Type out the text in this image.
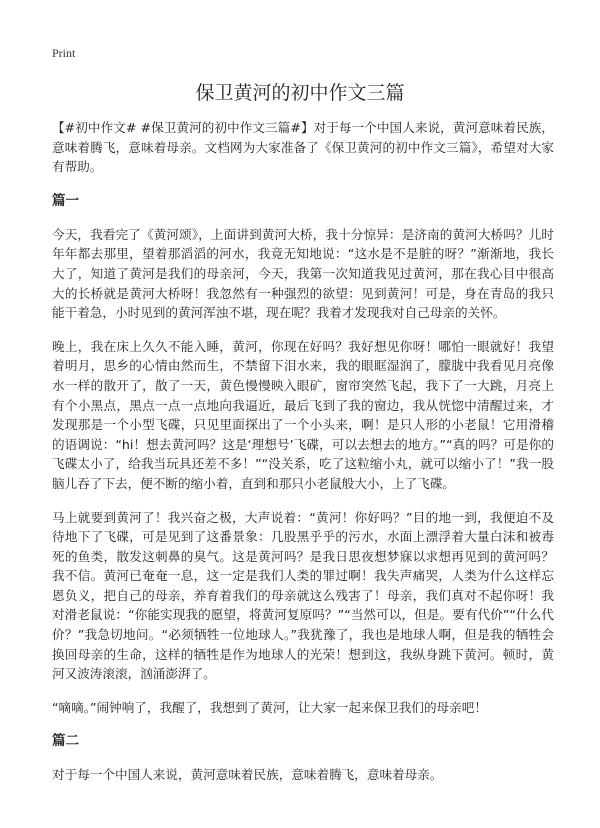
Print
保卫黄河的初中作文三篇

【#初中作文# #保卫黄河的初中作文三篇#】对于每一个中国人来说，黄河意味着民族，意味着腾飞，意味着母亲。文档网为大家准备了《保卫黄河的初中作文三篇》，希望对大家有帮助。

篇一

今天，我看完了《黄河颂》，上面讲到黄河大桥，我十分惊异：是济南的黄河大桥吗？儿时年年都去那里，望着那滔滔的河水，我竟无知地说：“这水是不是脏的呀？”渐渐地，我长大了，知道了黄河是我们的母亲河，今天，我第一次知道我见过黄河，那在我心目中很高大的长桥就是黄河大桥呀！我忽然有一种强烈的欲望：见到黄河！可是，身在青岛的我只能干着急，小时见到的黄河浑浊不堪，现在呢？我着才发现我对自己母亲的关怀。

晚上，我在床上久久不能入睡，黄河，你现在好吗？我好想见你呀！哪怕一眼就好！我望着明月，思乡的心情由然而生，不禁留下泪水来，我的眼眶湿润了，朦胧中我看见月亮像水一样的散开了，散了一天，黄色慢慢映入眼矿，窗帘突然飞起，我下了一大跳，月亮上有个小黑点，黑点一点一点地向我逼近，最后飞到了我的窗边，我从恍惚中清醒过来，才发现那是一个小型飞碟，只见里面探出了一个小头来，啊！是只人形的小老鼠！它用滑稽的语调说：“hi！想去黄河吗？这是‘理想号’飞碟，可以去想去的地方。”“真的吗？可是你的飞碟太小了，给我当玩具还差不多！”“没关系，吃了这粒缩小丸，就可以缩小了！”我一股脑儿吞了下去，便不断的缩小着，直到和那只小老鼠般大小，上了飞碟。

马上就要到黄河了！我兴奋之极，大声说着：“黄河！你好吗？”目的地一到，我便迫不及待地下了飞碟，可是见到了这番景象：几股黑乎乎的污水，水面上漂浮着大量白沫和被毒死的鱼类，散发这刺鼻的臭气。这是黄河吗？是我日思夜想梦寐以求想再见到的黄河吗？我不信。黄河已奄奄一息，这一定是我们人类的罪过啊！我失声痛哭，人类为什么这样忘恩负义，把自己的母亲，养育着我们的母亲就这么残害了！母亲，我们真对不起你呀！我对滑老鼠说：“你能实现我的愿望，将黄河复原吗？”“当然可以，但是。要有代价”“什么代价？”我急切地问。“必须牺牲一位地球人。”我犹豫了，我也是地球人啊，但是我的牺牲会换回母亲的生命，这样的牺牲是作为地球人的光荣！想到这，我纵身跳下黄河。顿时，黄河又波涛滚滚，汹涌澎湃了。

“嘀嘀。”闹钟响了，我醒了，我想到了黄河，让大家一起来保卫我们的母亲吧！

篇二

对于每一个中国人来说，黄河意味着民族，意味着腾飞，意味着母亲。
